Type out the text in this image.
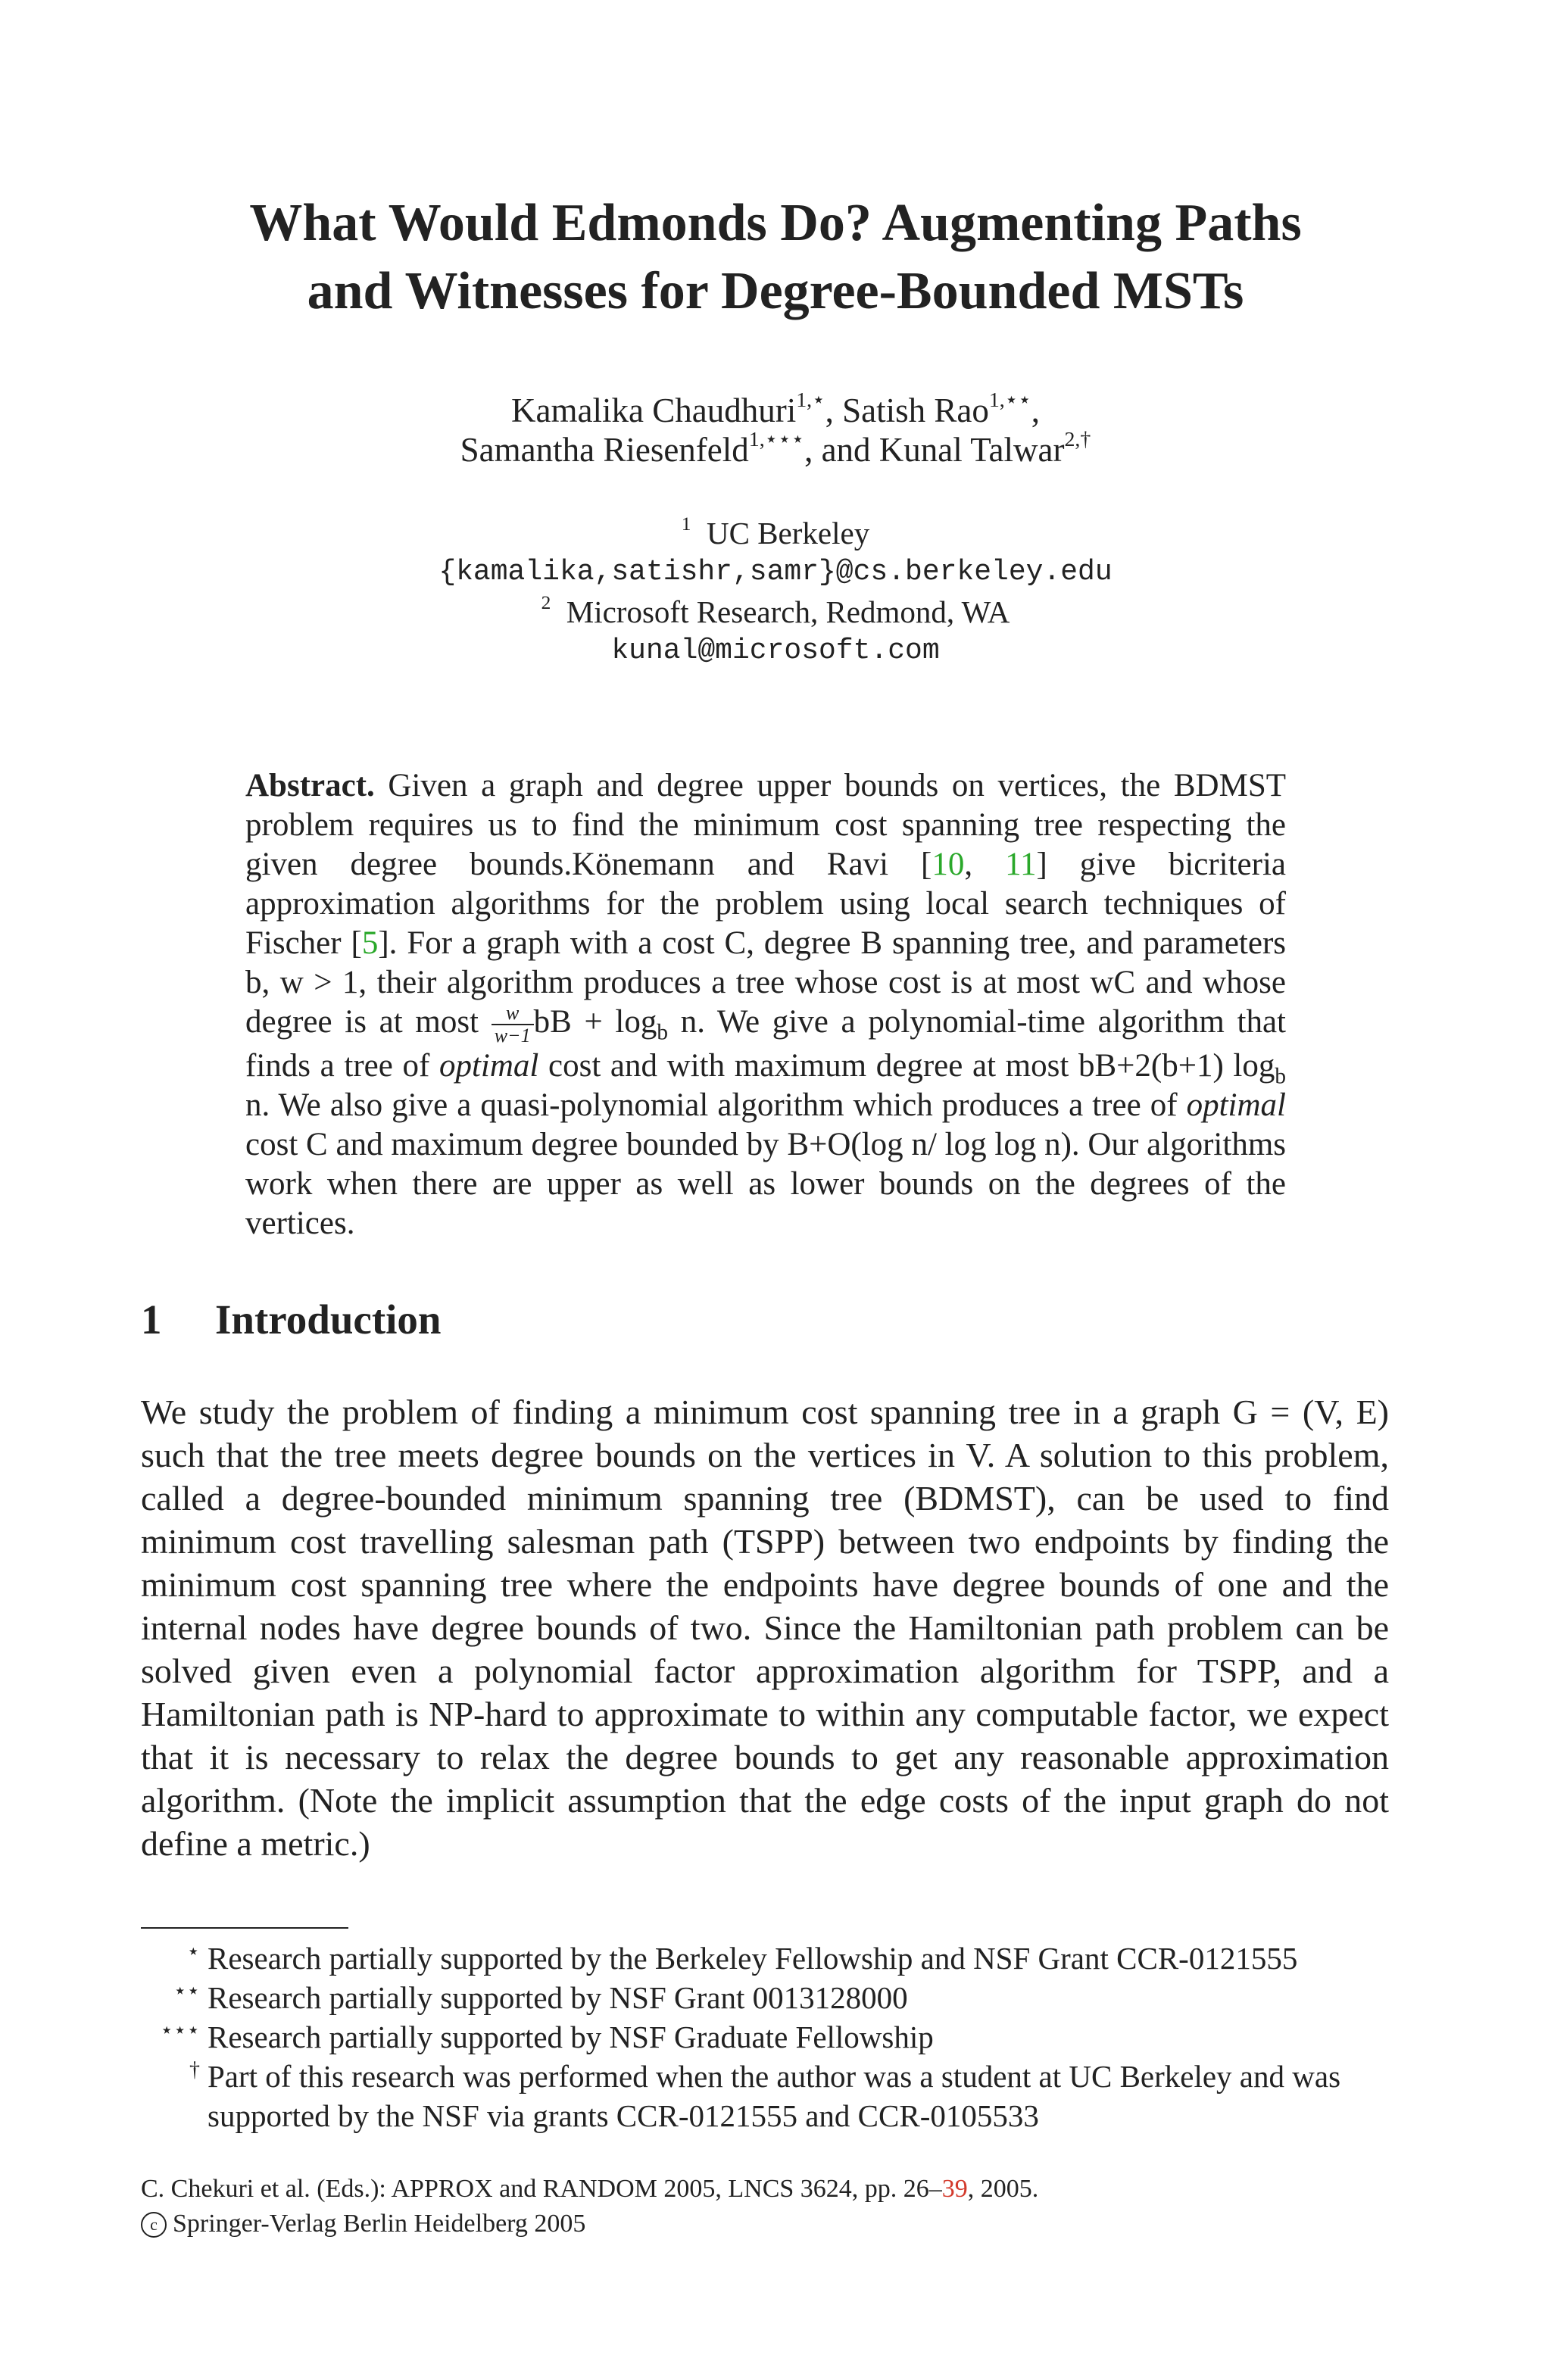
What Would Edmonds Do? Augmenting Paths
and Witnesses for Degree-Bounded MSTs
Kamalika Chaudhuri$^{1,⋆}$, Satish Rao$^{1,⋆⋆}$,
Samantha Riesenfeld$^{1,⋆⋆⋆}$, and Kunal Talwar$^{2,\dagger}$
$^1$ UC Berkeley
{kamalika,satishr,samr}@cs.berkeley.edu
$^2$ Microsoft Research, Redmond, WA
kunal@microsoft.com
Abstract. Given a graph and degree upper bounds on vertices, the BDMST problem requires us to find the minimum cost spanning tree respecting the given degree bounds.Könemann and Ravi [10, 11] give bicriteria approximation algorithms for the problem using local search techniques of Fischer [5]. For a graph with a cost C, degree B spanning tree, and parameters b, w > 1, their algorithm produces a tree whose cost is at most wC and whose degree is at most $\frac{w}{w-1}$ bB + $\log_b n$. We give a polynomial-time algorithm that finds a tree of optimal cost and with maximum degree at most bB+2(b+1) $\log_b n$. We also give a quasi-polynomial algorithm which produces a tree of optimal cost C and maximum degree bounded by B+O(log n/ log log n). Our algorithms work when there are upper as well as lower bounds on the degrees of the vertices.
1 Introduction
We study the problem of finding a minimum cost spanning tree in a graph G = (V, E) such that the tree meets degree bounds on the vertices in V. A solution to this problem, called a degree-bounded minimum spanning tree (BDMST), can be used to find minimum cost travelling salesman path (TSPP) between two endpoints by finding the minimum cost spanning tree where the endpoints have degree bounds of one and the internal nodes have degree bounds of two. Since the Hamiltonian path problem can be solved given even a polynomial factor approximation algorithm for TSPP, and a Hamiltonian path is NP-hard to approximate to within any computable factor, we expect that it is necessary to relax the degree bounds to get any reasonable approximation algorithm. (Note the implicit assumption that the edge costs of the input graph do not define a metric.)
⋆ Research partially supported by the Berkeley Fellowship and NSF Grant CCR-0121555
⋆⋆ Research partially supported by NSF Grant 0013128000
⋆⋆⋆ Research partially supported by NSF Graduate Fellowship
† Part of this research was performed when the author was a student at UC Berkeley and was supported by the NSF via grants CCR-0121555 and CCR-0105533
C. Chekuri et al. (Eds.): APPROX and RANDOM 2005, LNCS 3624, pp. 26–39, 2005.
c Springer-Verlag Berlin Heidelberg 2005
